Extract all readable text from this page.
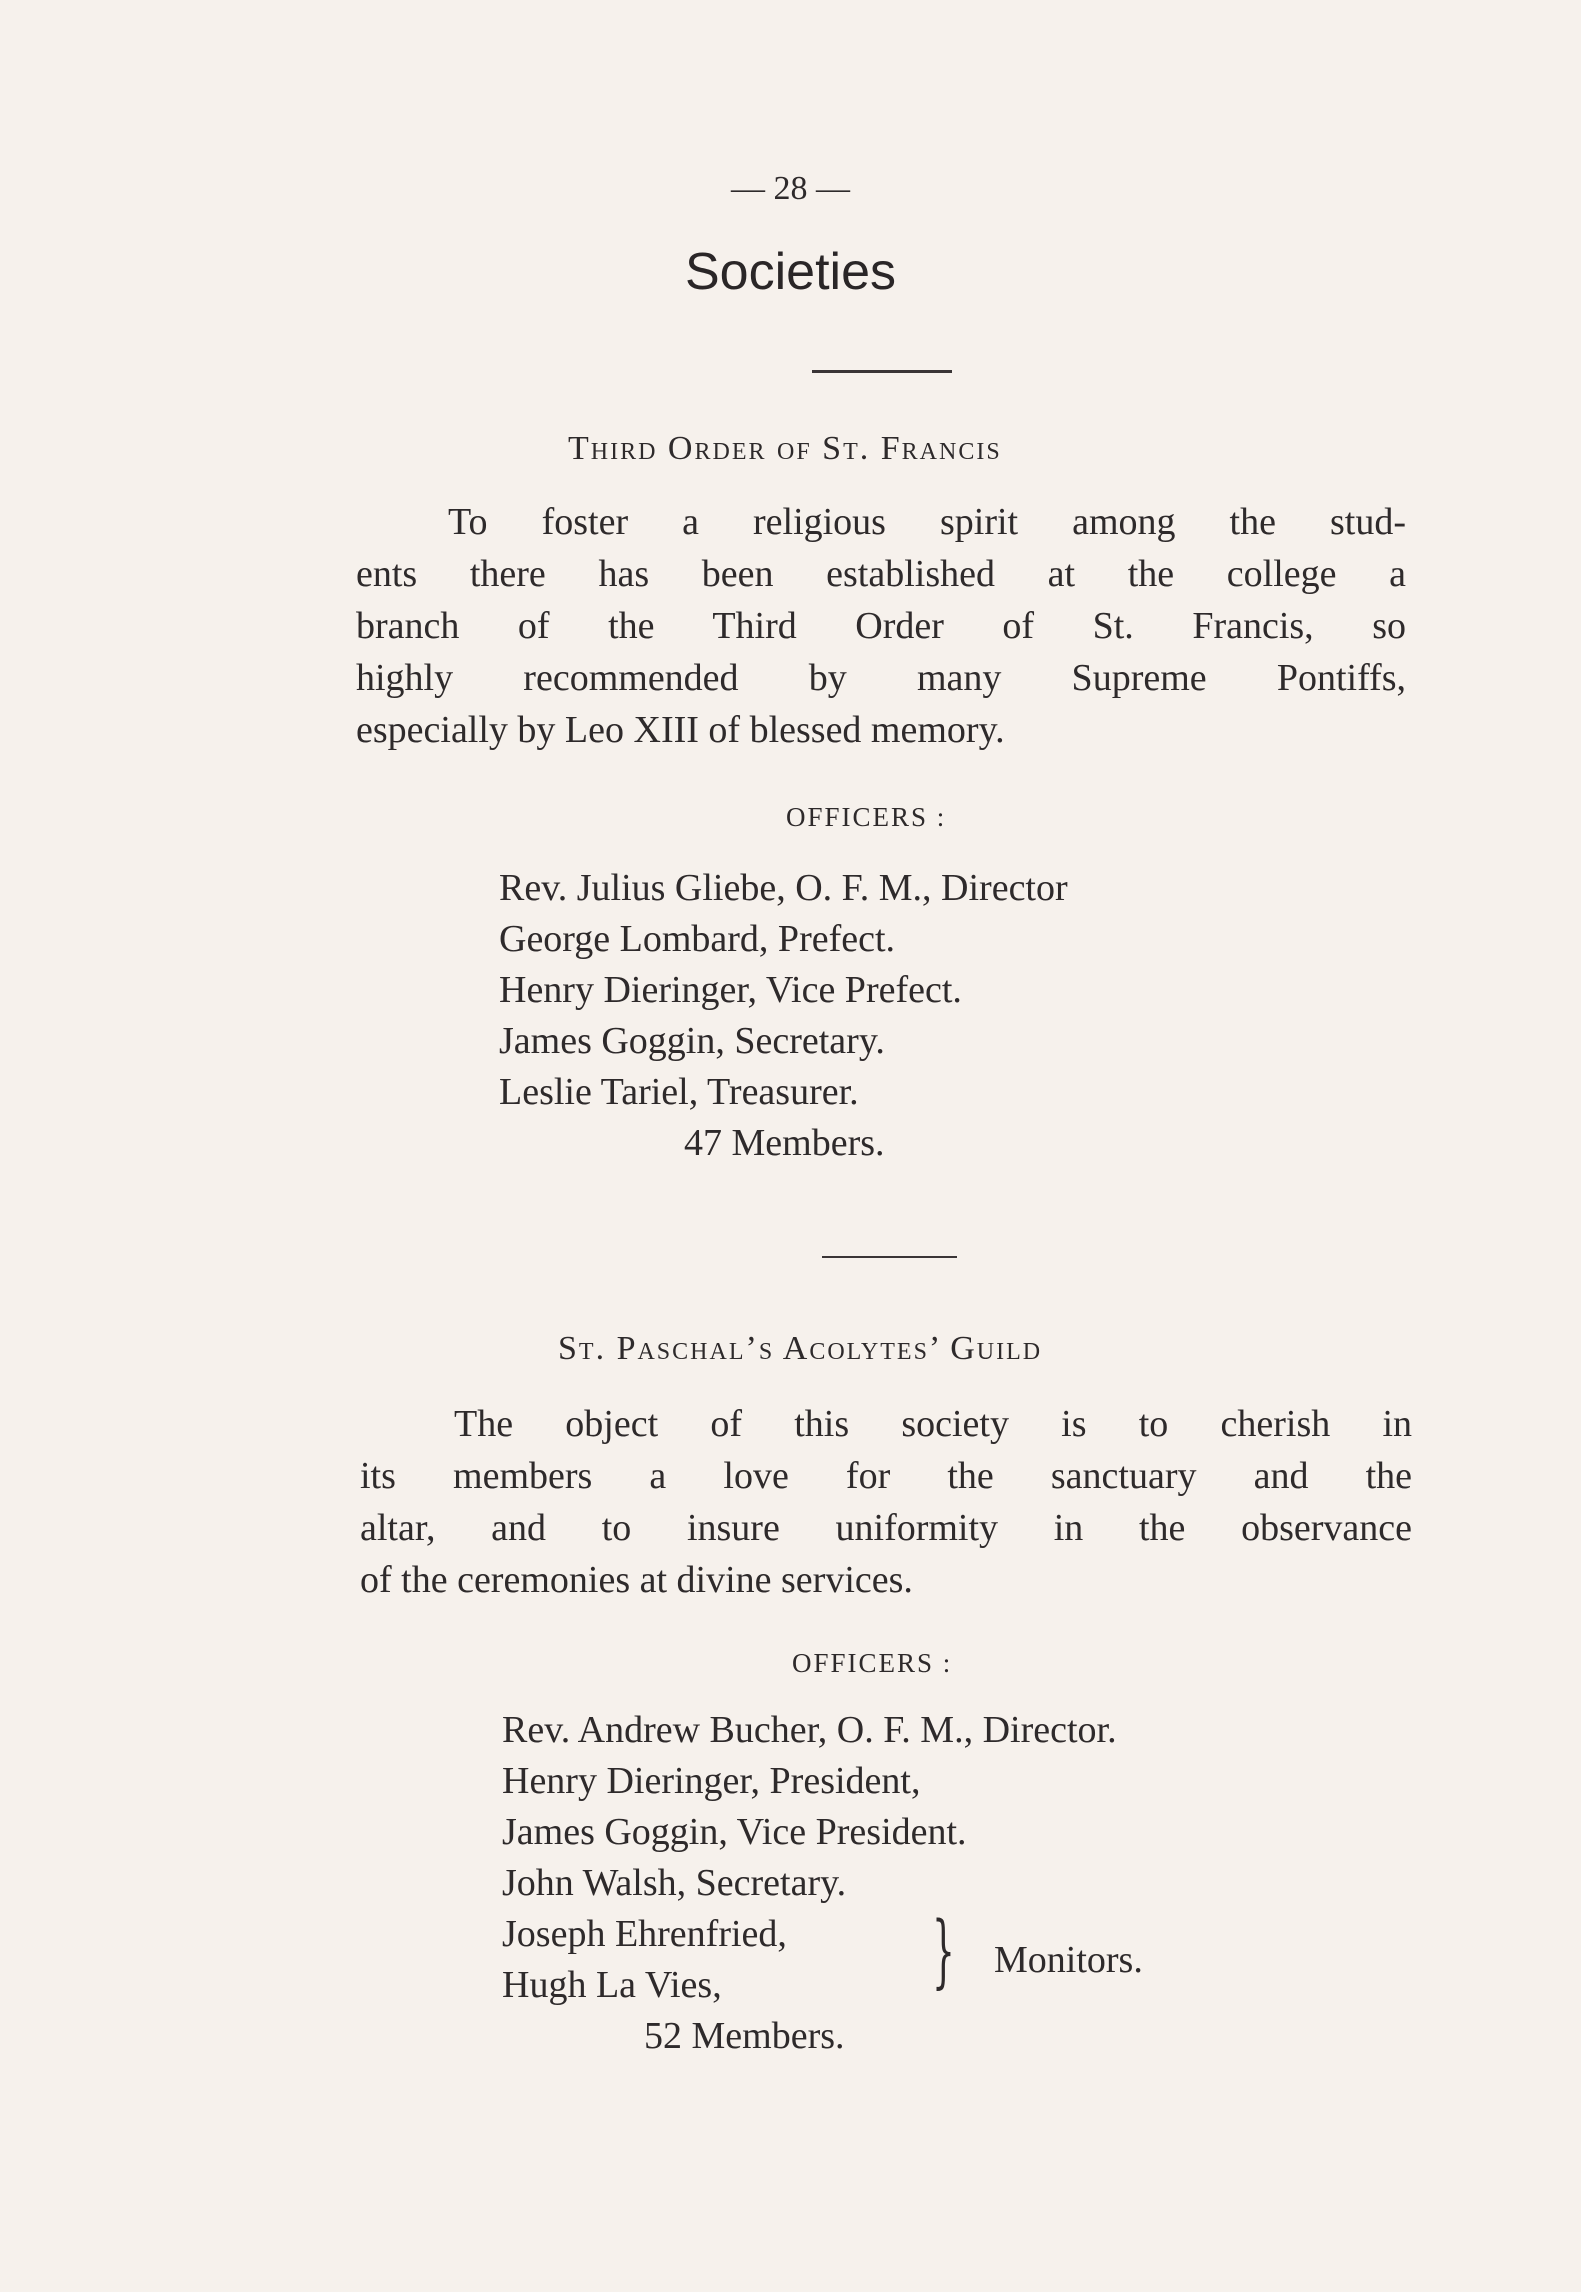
— 28 —
Societies
Third Order of St. Francis
To foster a religious spirit among the stud-
ents there has been established at the college a
branch of the Third Order of St. Francis, so
highly recommended by many Supreme Pontiffs,
especially by Leo XIII of blessed memory.
OFFICERS :
Rev. Julius Gliebe, O. F. M., Director
George Lombard, Prefect.
Henry Dieringer, Vice Prefect.
James Goggin, Secretary.
Leslie Tariel, Treasurer.
47 Members.
St. Paschal’s Acolytes’ Guild
The object of this society is to cherish in
its members a love for the sanctuary and the
altar, and to insure uniformity in the observance
of the ceremonies at divine services.
OFFICERS :
Rev. Andrew Bucher, O. F. M., Director.
Henry Dieringer, President,
James Goggin, Vice President.
John Walsh, Secretary.
Joseph Ehrenfried,
Hugh La Vies,	} Monitors.
52 Members.
